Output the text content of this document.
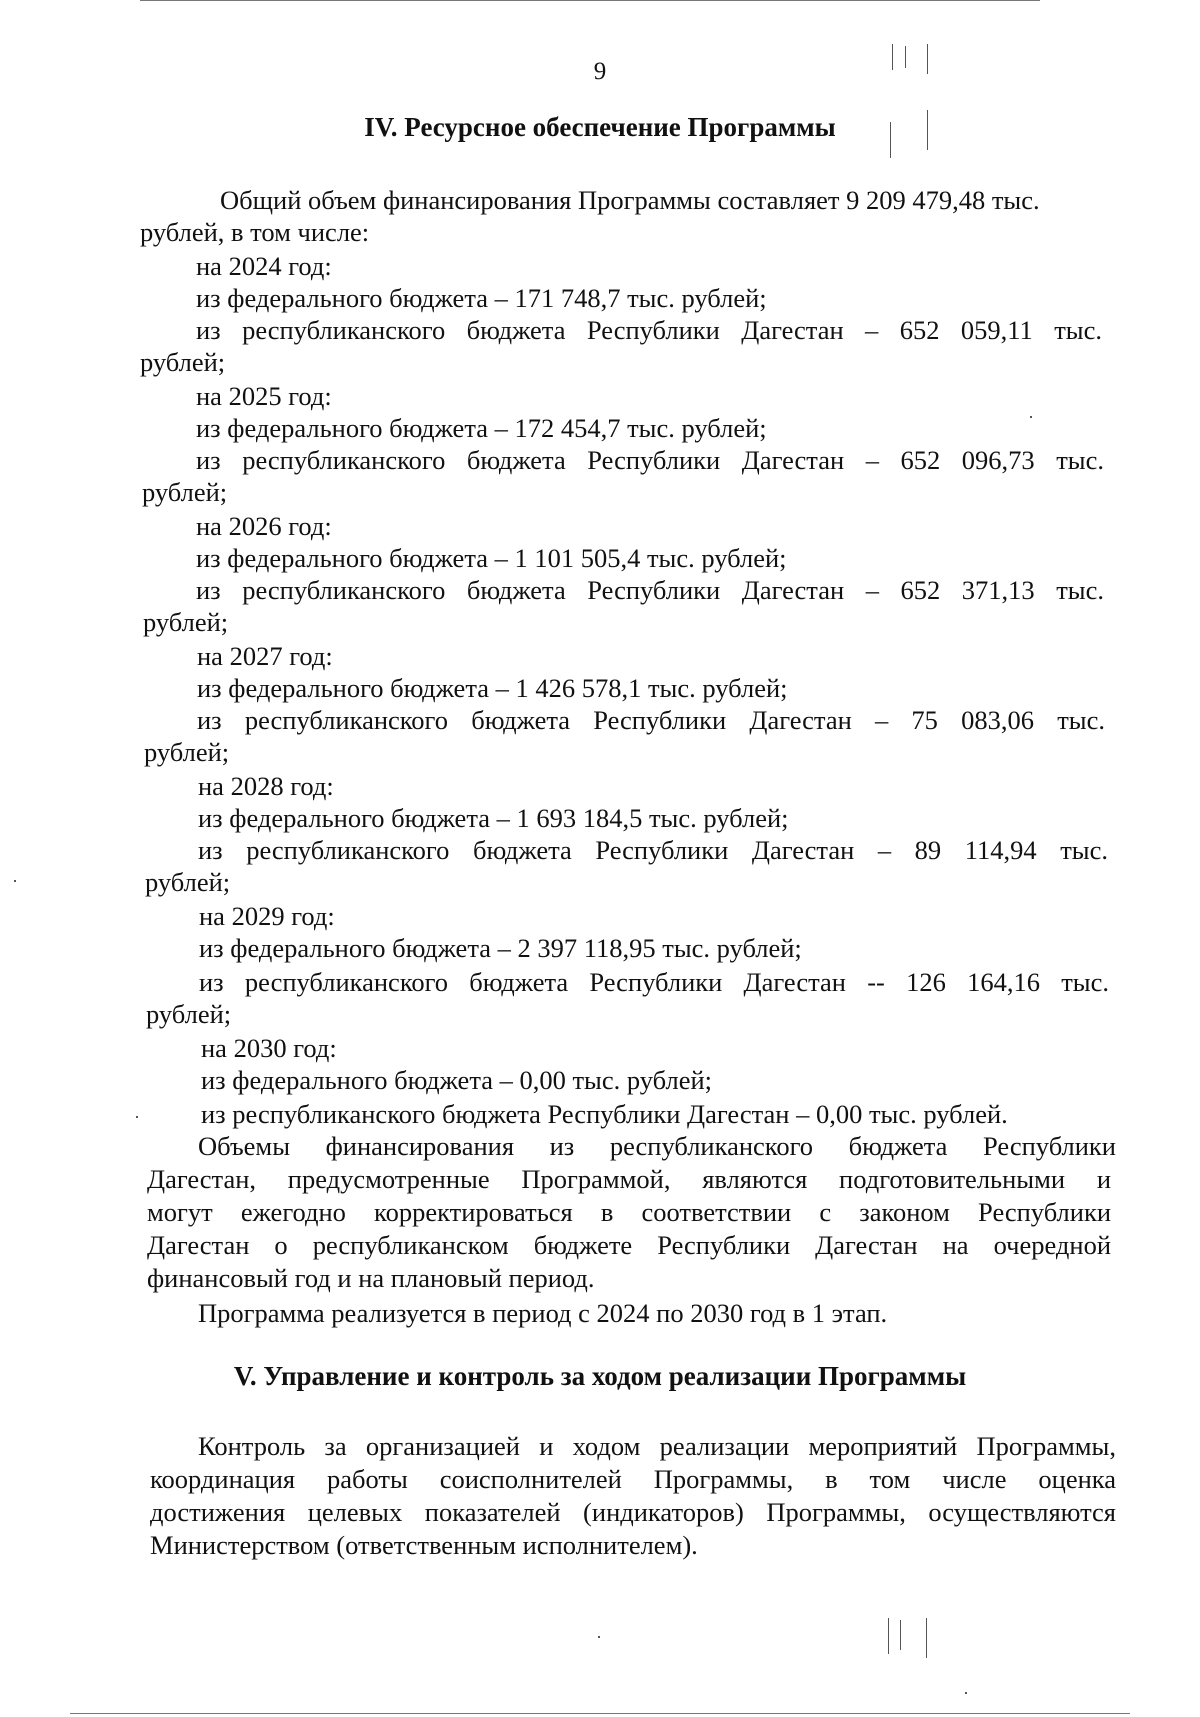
9
IV. Ресурсное обеспечение Программы
Общий объем финансирования Программы составляет 9 209 479,48 тыс.
рублей, в том числе:
на 2024 год:
из федерального бюджета – 171 748,7 тыс. рублей;
из республиканского бюджета Республики Дагестан – 652 059,11 тыс.
рублей;
на 2025 год:
из федерального бюджета – 172 454,7 тыс. рублей;
из республиканского бюджета Республики Дагестан – 652 096,73 тыс.
рублей;
на 2026 год:
из федерального бюджета – 1 101 505,4 тыс. рублей;
из республиканского бюджета Республики Дагестан – 652 371,13 тыс.
рублей;
на 2027 год:
из федерального бюджета – 1 426 578,1 тыс. рублей;
из республиканского бюджета Республики Дагестан – 75 083,06 тыс.
рублей;
на 2028 год:
из федерального бюджета – 1 693 184,5 тыс. рублей;
из республиканского бюджета Республики Дагестан – 89 114,94 тыс.
рублей;
на 2029 год:
из федерального бюджета – 2 397 118,95 тыс. рублей;
из республиканского бюджета Республики Дагестан -- 126 164,16 тыс.
рублей;
на 2030 год:
из федерального бюджета – 0,00 тыс. рублей;
из республиканского бюджета Республики Дагестан – 0,00 тыс. рублей.
Объемы финансирования из республиканского бюджета Республики
Дагестан, предусмотренные Программой, являются подготовительными и
могут ежегодно корректироваться в соответствии с законом Республики
Дагестан о республиканском бюджете Республики Дагестан на очередной
финансовый год и на плановый период.
Программа реализуется в период с 2024 по 2030 год в 1 этап.
V. Управление и контроль за ходом реализации Программы
Контроль за организацией и ходом реализации мероприятий Программы,
координация работы соисполнителей Программы, в том числе оценка
достижения целевых показателей (индикаторов) Программы, осуществляются
Министерством (ответственным исполнителем).
